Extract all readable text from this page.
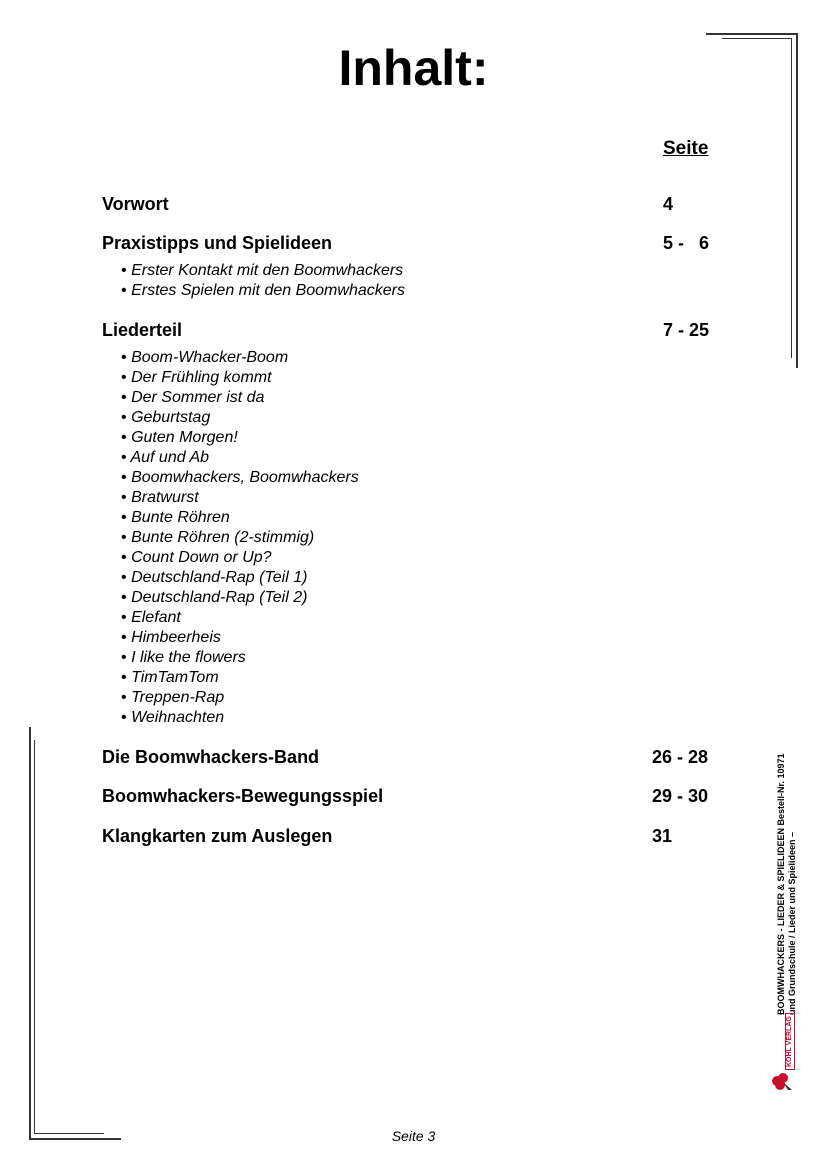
Inhalt:
Seite
Vorwort	4
Praxistipps und Spielideen	5 -   6
• Erster Kontakt mit den Boomwhackers
• Erstes Spielen mit den Boomwhackers
Liederteil	7 - 25
• Boom-Whacker-Boom
• Der Frühling kommt
• Der Sommer ist da
• Geburtstag
• Guten Morgen!
• Auf und Ab
• Boomwhackers, Boomwhackers
• Bratwurst
• Bunte Röhren
• Bunte Röhren (2-stimmig)
• Count Down or Up?
• Deutschland-Rap (Teil 1)
• Deutschland-Rap (Teil 2)
• Elefant
• Himbeerheis
• I like the flowers
• TimTamTom
• Treppen-Rap
• Weihnachten
Die Boomwhackers-Band	26 - 28
Boomwhackers-Bewegungsspiel	29 - 30
Klangkarten zum Auslegen	31	BOOMWHACKERS - LIEDER & SPIELIDEEN Bestell-Nr. 10971 und Grundschule / Lieder und Spielideen –
KOHL VERLAG
Seite 3
